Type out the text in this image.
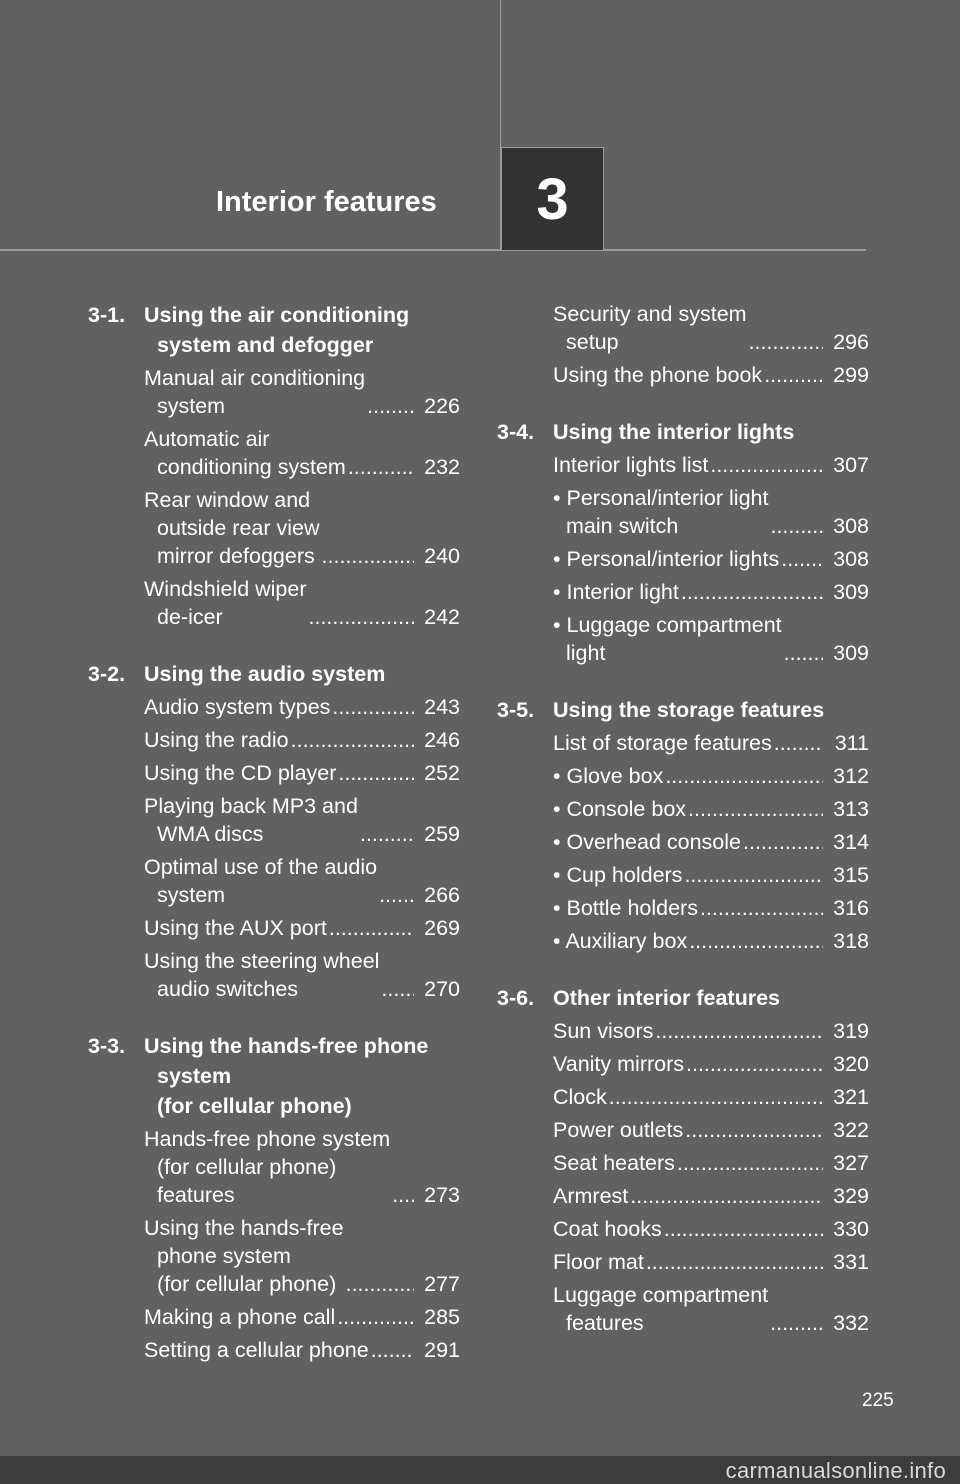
Interior features 3
3-1. Using the air conditioning system and defogger
Manual air conditioning
system .....	226
Automatic air
conditioning system .....	232
Rear window and
outside rear view
mirror defoggers .....	240
Windshield wiper
de-icer .....	242
3-2. Using the audio system
Audio system types .....	243
Using the radio .....	246
Using the CD player .....	252
Playing back MP3 and
WMA discs .....	259
Optimal use of the audio
system .....	266
Using the AUX port .....	269
Using the steering wheel
audio switches .....	270
3-3. Using the hands-free phone system
(for cellular phone)
Hands-free phone system
(for cellular phone)
features .....	273
Using the hands-free
phone system
(for cellular phone) .....	277
Making a phone call .....	285
Setting a cellular phone .....	291
Security and system
setup .....	296
Using the phone book .....	299
3-4. Using the interior lights
Interior lights list .....	307
• Personal/interior light
main switch .....	308
• Personal/interior lights .....	308
• Interior light .....	309
• Luggage compartment
light .....	309
3-5. Using the storage features
List of storage features .....	311
• Glove box .....	312
• Console box .....	313
• Overhead console .....	314
• Cup holders .....	315
• Bottle holders .....	316
• Auxiliary box .....	318
3-6. Other interior features
Sun visors .....	319
Vanity mirrors .....	320
Clock .....	321
Power outlets .....	322
Seat heaters .....	327
Armrest .....	329
Coat hooks .....	330
Floor mat .....	331
Luggage compartment
features .....	332
225
carmanualsonline.info
